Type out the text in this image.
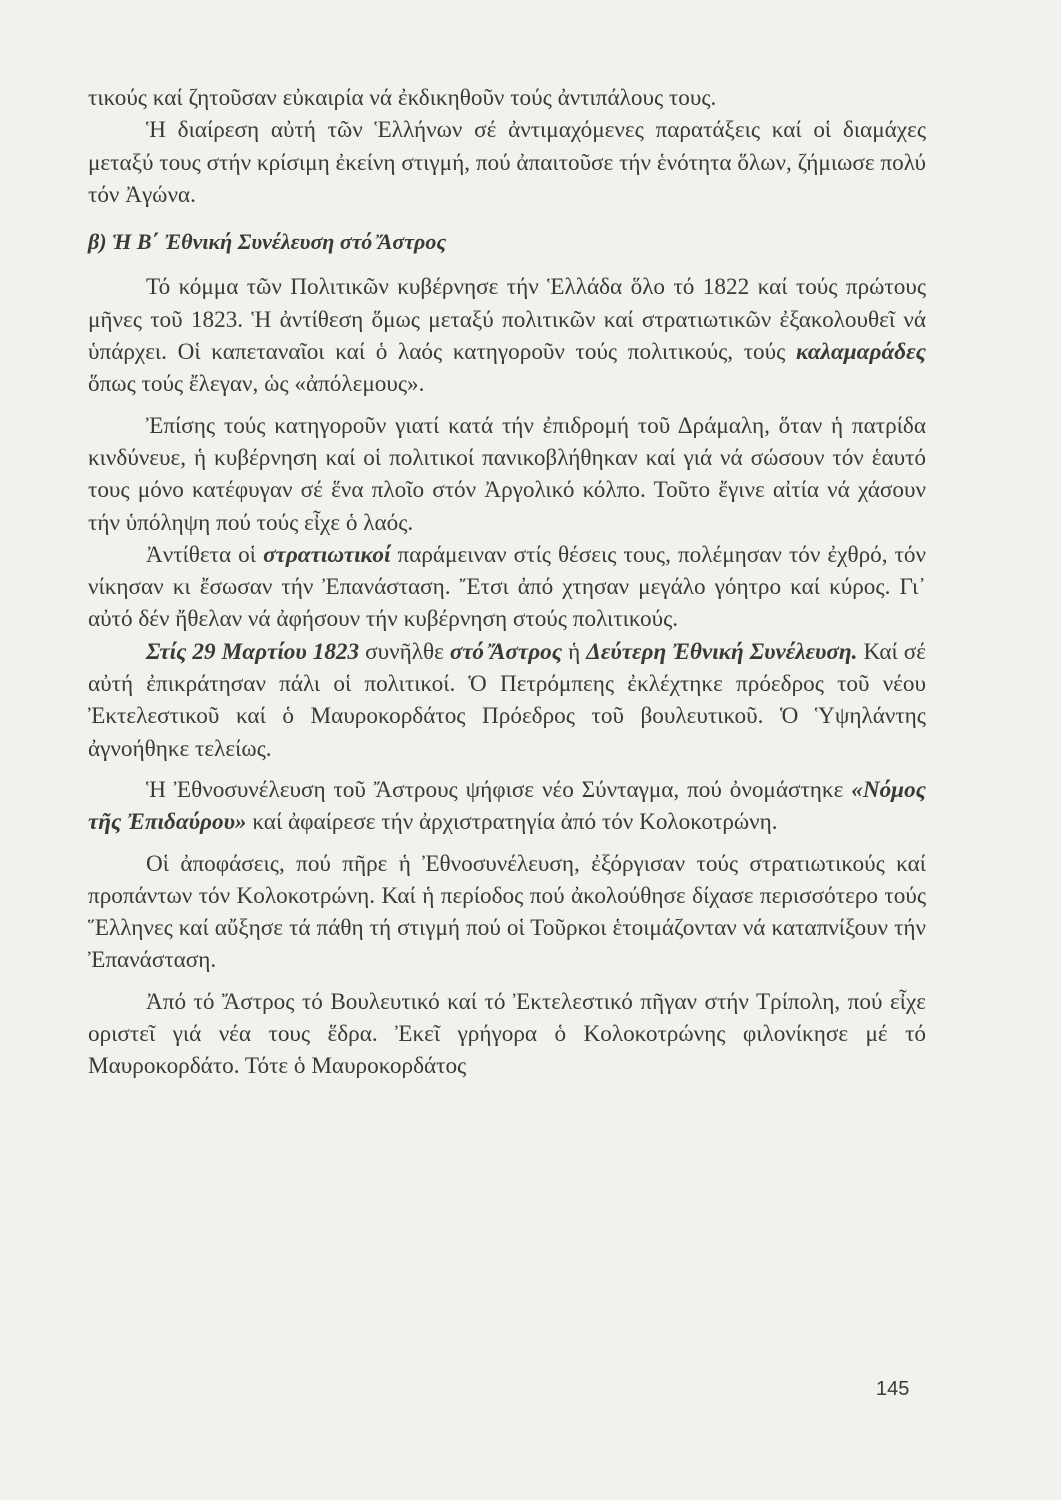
τικούς καί ζητοῦσαν εὐκαιρία νά ἐκδικηθοῦν τούς ἀντιπάλους τους.

Ἡ διαίρεση αὐτή τῶν Ἑλλήνων σέ ἀντιμαχόμενες παρατάξεις καί οἱ διαμάχες μεταξύ τους στήν κρίσιμη ἐκείνη στιγμή, πού ἀπαιτοῦσε τήν ἑνότητα ὅλων, ζήμιωσε πολύ τόν Ἀγώνα.

β) Ἡ Β΄ Ἐθνική Συνέλευση στό Ἄστρος

Τό κόμμα τῶν Πολιτικῶν κυβέρνησε τήν Ἑλλάδα ὅλο τό 1822 καί τούς πρώτους μῆνες τοῦ 1823. Ἡ ἀντίθεση ὅμως μεταξύ πολιτικῶν καί στρατιωτικῶν ἐξακολουθεῖ νά ὑπάρχει. Οἱ καπεταναῖοι καί ὁ λαός κατηγοροῦν τούς πολιτικούς, τούς καλαμαράδες ὅπως τούς ἔλεγαν, ὡς «ἀπόλεμους».

Ἐπίσης τούς κατηγοροῦν γιατί κατά τήν ἐπιδρομή τοῦ Δράμαλη, ὅταν ἡ πατρίδα κινδύνευε, ἡ κυβέρνηση καί οἱ πολιτικοί πανικοβλήθηκαν καί γιά νά σώσουν τόν ἑαυτό τους μόνο κατέφυγαν σέ ἕνα πλοῖο στόν Ἀργολικό κόλπο. Τοῦτο ἔγινε αἰτία νά χάσουν τήν ὑπόληψη πού τούς εἶχε ὁ λαός.

Ἀντίθετα οἱ στρατιωτικοί παράμειναν στίς θέσεις τους, πολέμησαν τόν ἐχθρό, τόν νίκησαν κι ἔσωσαν τήν Ἐπανάσταση. Ἔτσι ἀπό χτησαν μεγάλο γόητρο καί κύρος. Γι᾽ αὐτό δέν ἤθελαν νά ἀφήσουν τήν κυβέρνηση στούς πολιτικούς.

Στίς 29 Μαρτίου 1823 συνῆλθε στό Ἄστρος ἡ Δεύτερη Ἐθνική Συνέλευση. Καί σέ αὐτή ἐπικράτησαν πάλι οἱ πολιτικοί. Ὁ Πετρόμπεης ἐκλέχτηκε πρόεδρος τοῦ νέου Ἐκτελεστικοῦ καί ὁ Μαυροκορδάτος Πρόεδρος τοῦ βουλευτικοῦ. Ὁ Ὑψηλάντης ἀγνοήθηκε τελείως.

Ἡ Ἐθνοσυνέλευση τοῦ Ἄστρους ψήφισε νέο Σύνταγμα, πού ὀνομάστηκε «Νόμος τῆς Ἐπιδαύρου» καί ἀφαίρεσε τήν ἀρχιστρατηγία ἀπό τόν Κολοκοτρώνη.

Οἱ ἀποφάσεις, πού πῆρε ἡ Ἐθνοσυνέλευση, ἐξόργισαν τούς στρατιωτικούς καί προπάντων τόν Κολοκοτρώνη. Καί ἡ περίοδος πού ἀκολούθησε δίχασε περισσότερο τούς Ἕλληνες καί αὔξησε τά πάθη τή στιγμή πού οἱ Τοῦρκοι ἑτοιμάζονταν νά καταπνίξουν τήν Ἐπανάσταση.

Ἀπό τό Ἄστρος τό Βουλευτικό καί τό Ἐκτελεστικό πῆγαν στήν Τρίπολη, πού εἶχε οριστεῖ γιά νέα τους ἕδρα. Ἐκεῖ γρήγορα ὁ Κολοκοτρώνης φιλονίκησε μέ τό Μαυροκορδάτο. Τότε ὁ Μαυροκορδάτος

145
